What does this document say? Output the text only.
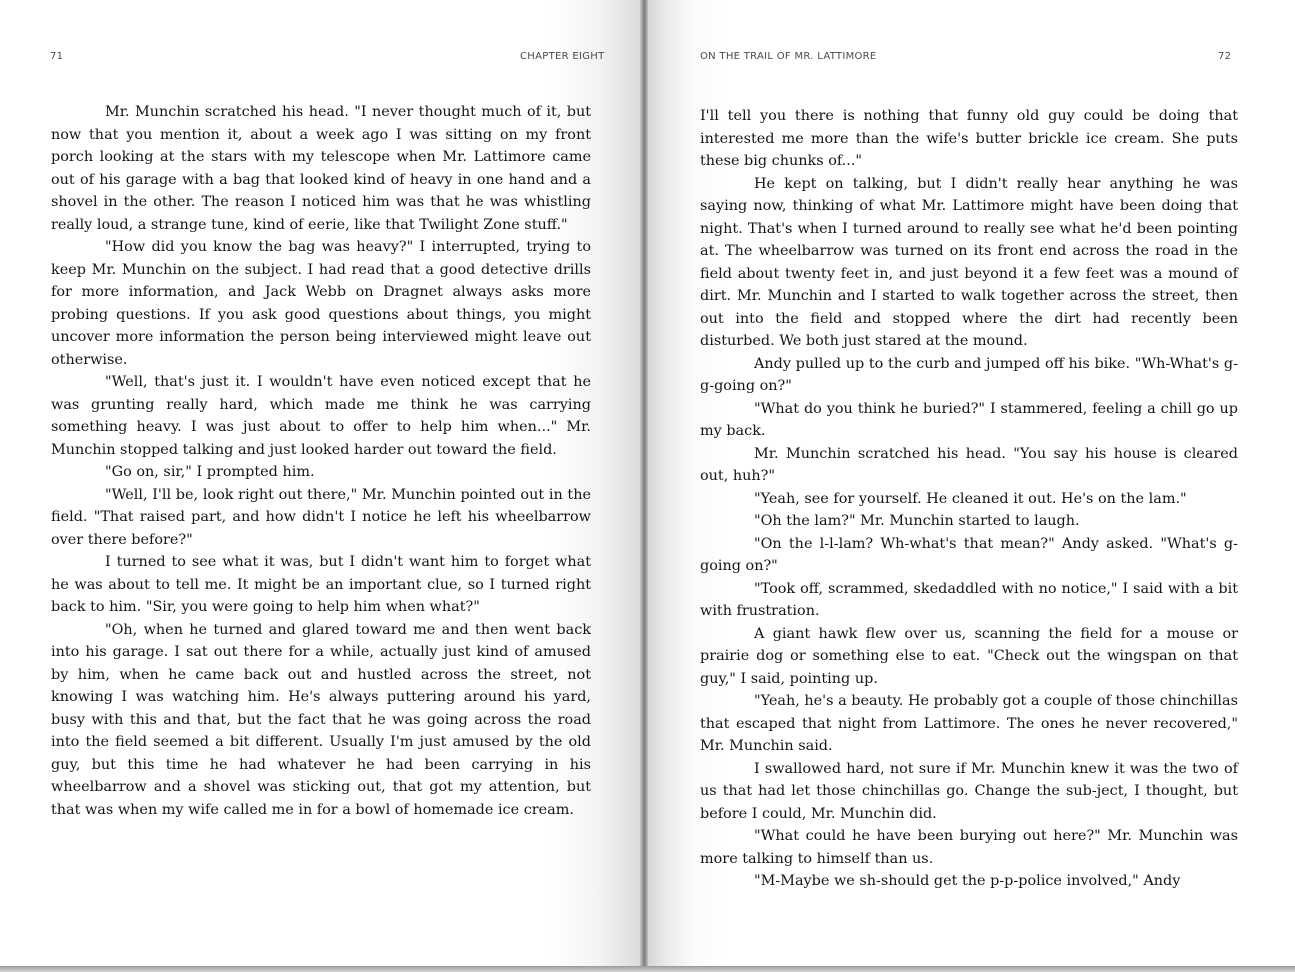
71	CHAPTER EIGHT

Mr. Munchin scratched his head. "I never thought much of it, but now that you mention it, about a week ago I was sitting on my front porch looking at the stars with my telescope when Mr. Lattimore came out of his garage with a bag that looked kind of heavy in one hand and a shovel in the other. The reason I noticed him was that he was whistling really loud, a strange tune, kind of eerie, like that Twilight Zone stuff."

"How did you know the bag was heavy?" I interrupted, trying to keep Mr. Munchin on the subject. I had read that a good detective drills for more information, and Jack Webb on Dragnet always asks more probing questions. If you ask good questions about things, you might uncover more information the person being interviewed might leave out otherwise.

"Well, that's just it. I wouldn't have even noticed except that he was grunting really hard, which made me think he was carrying something heavy. I was just about to offer to help him when..." Mr. Munchin stopped talking and just looked harder out toward the field.

"Go on, sir," I prompted him.

"Well, I'll be, look right out there," Mr. Munchin pointed out in the field. "That raised part, and how didn't I notice he left his wheelbarrow over there before?"

I turned to see what it was, but I didn't want him to forget what he was about to tell me. It might be an important clue, so I turned right back to him. "Sir, you were going to help him when what?"

"Oh, when he turned and glared toward me and then went back into his garage. I sat out there for a while, actually just kind of amused by him, when he came back out and hustled across the street, not knowing I was watching him. He's always puttering around his yard, busy with this and that, but the fact that he was going across the road into the field seemed a bit different. Usually I'm just amused by the old guy, but this time he had whatever he had been carrying in his wheelbarrow and a shovel was sticking out, that got my attention, but that was when my wife called me in for a bowl of homemade ice cream.

ON THE TRAIL OF MR. LATTIMORE	72

I'll tell you there is nothing that funny old guy could be doing that interested me more than the wife's butter brickle ice cream. She puts these big chunks of..."

He kept on talking, but I didn't really hear anything he was saying now, thinking of what Mr. Lattimore might have been doing that night. That's when I turned around to really see what he'd been pointing at. The wheelbarrow was turned on its front end across the road in the field about twenty feet in, and just beyond it a few feet was a mound of dirt. Mr. Munchin and I started to walk together across the street, then out into the field and stopped where the dirt had recently been disturbed. We both just stared at the mound.

Andy pulled up to the curb and jumped off his bike. "Wh-What's g-g-going on?"

"What do you think he buried?" I stammered, feeling a chill go up my back.

Mr. Munchin scratched his head. "You say his house is cleared out, huh?"

"Yeah, see for yourself. He cleaned it out. He's on the lam."

"Oh the lam?" Mr. Munchin started to laugh.

"On the l-l-lam? Wh-what's that mean?" Andy asked. "What's g-going on?"

"Took off, scrammed, skedaddled with no notice," I said with a bit with frustration.

A giant hawk flew over us, scanning the field for a mouse or prairie dog or something else to eat. "Check out the wingspan on that guy," I said, pointing up.

"Yeah, he's a beauty. He probably got a couple of those chinchillas that escaped that night from Lattimore. The ones he never recovered," Mr. Munchin said.

I swallowed hard, not sure if Mr. Munchin knew it was the two of us that had let those chinchillas go. Change the sub-ject, I thought, but before I could, Mr. Munchin did.

"What could he have been burying out here?" Mr. Munchin was more talking to himself than us.

"M-Maybe we sh-should get the p-p-police involved," Andy
